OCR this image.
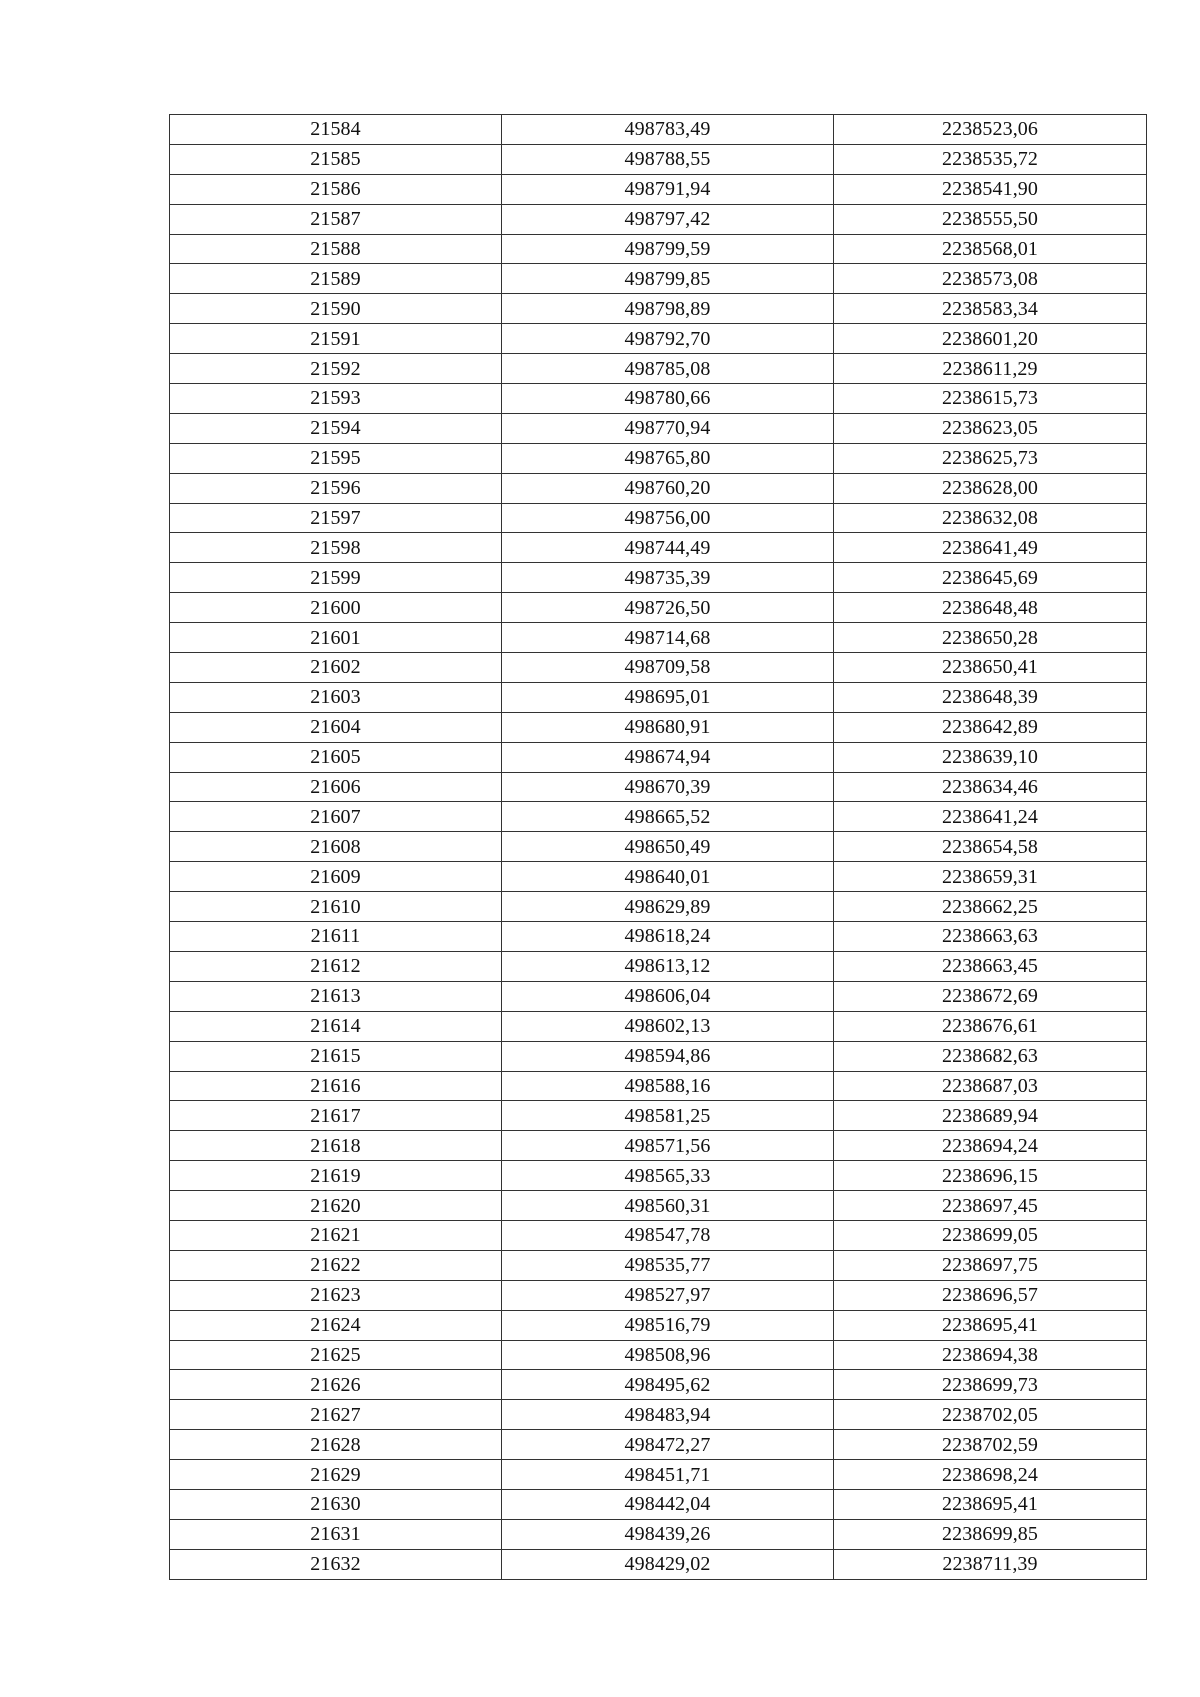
21584	498783,49	2238523,06
21585	498788,55	2238535,72
21586	498791,94	2238541,90
21587	498797,42	2238555,50
21588	498799,59	2238568,01
21589	498799,85	2238573,08
21590	498798,89	2238583,34
21591	498792,70	2238601,20
21592	498785,08	2238611,29
21593	498780,66	2238615,73
21594	498770,94	2238623,05
21595	498765,80	2238625,73
21596	498760,20	2238628,00
21597	498756,00	2238632,08
21598	498744,49	2238641,49
21599	498735,39	2238645,69
21600	498726,50	2238648,48
21601	498714,68	2238650,28
21602	498709,58	2238650,41
21603	498695,01	2238648,39
21604	498680,91	2238642,89
21605	498674,94	2238639,10
21606	498670,39	2238634,46
21607	498665,52	2238641,24
21608	498650,49	2238654,58
21609	498640,01	2238659,31
21610	498629,89	2238662,25
21611	498618,24	2238663,63
21612	498613,12	2238663,45
21613	498606,04	2238672,69
21614	498602,13	2238676,61
21615	498594,86	2238682,63
21616	498588,16	2238687,03
21617	498581,25	2238689,94
21618	498571,56	2238694,24
21619	498565,33	2238696,15
21620	498560,31	2238697,45
21621	498547,78	2238699,05
21622	498535,77	2238697,75
21623	498527,97	2238696,57
21624	498516,79	2238695,41
21625	498508,96	2238694,38
21626	498495,62	2238699,73
21627	498483,94	2238702,05
21628	498472,27	2238702,59
21629	498451,71	2238698,24
21630	498442,04	2238695,41
21631	498439,26	2238699,85
21632	498429,02	2238711,39
